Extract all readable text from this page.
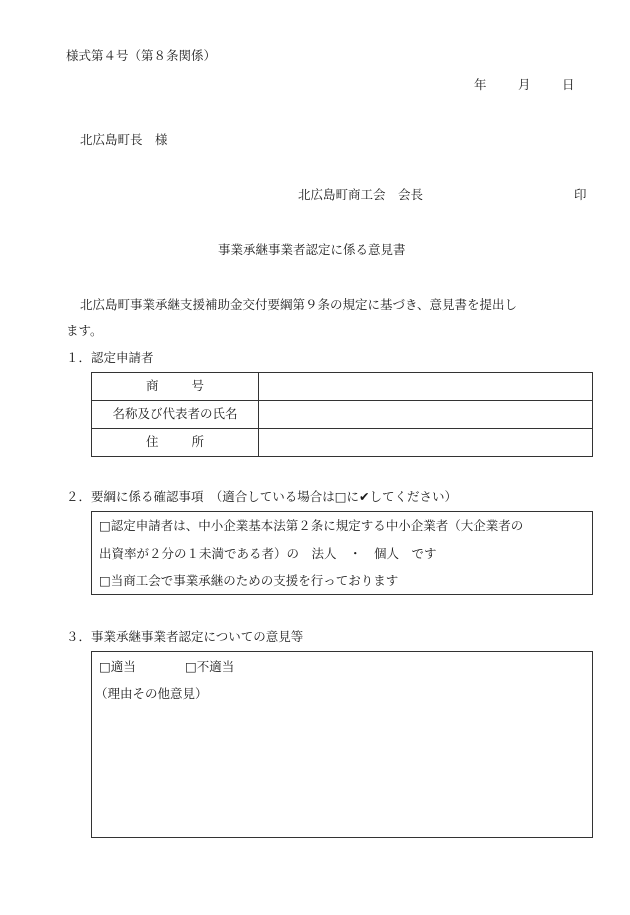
様式第４号（第８条関係）
年	月	日
北広島町長　様
北広島町商工会　会長	印
事業承継事業者認定に係る意見書
北広島町事業承継支援補助金交付要綱第９条の規定に基づき、意見書を提出し
ます。
１．認定申請者
商号	
名称及び代表者の氏名	
住所	
２．要綱に係る確認事項　（適合している場合は□に✔してください）
□認定申請者は、中小企業基本法第２条に規定する中小企業者（大企業者の
出資率が２分の１未満である者）の　法人　・　個人　です
□当商工会で事業承継のための支援を行っております
３．事業承継事業者認定についての意見等
□適当	□不適当
（理由その他意見）
